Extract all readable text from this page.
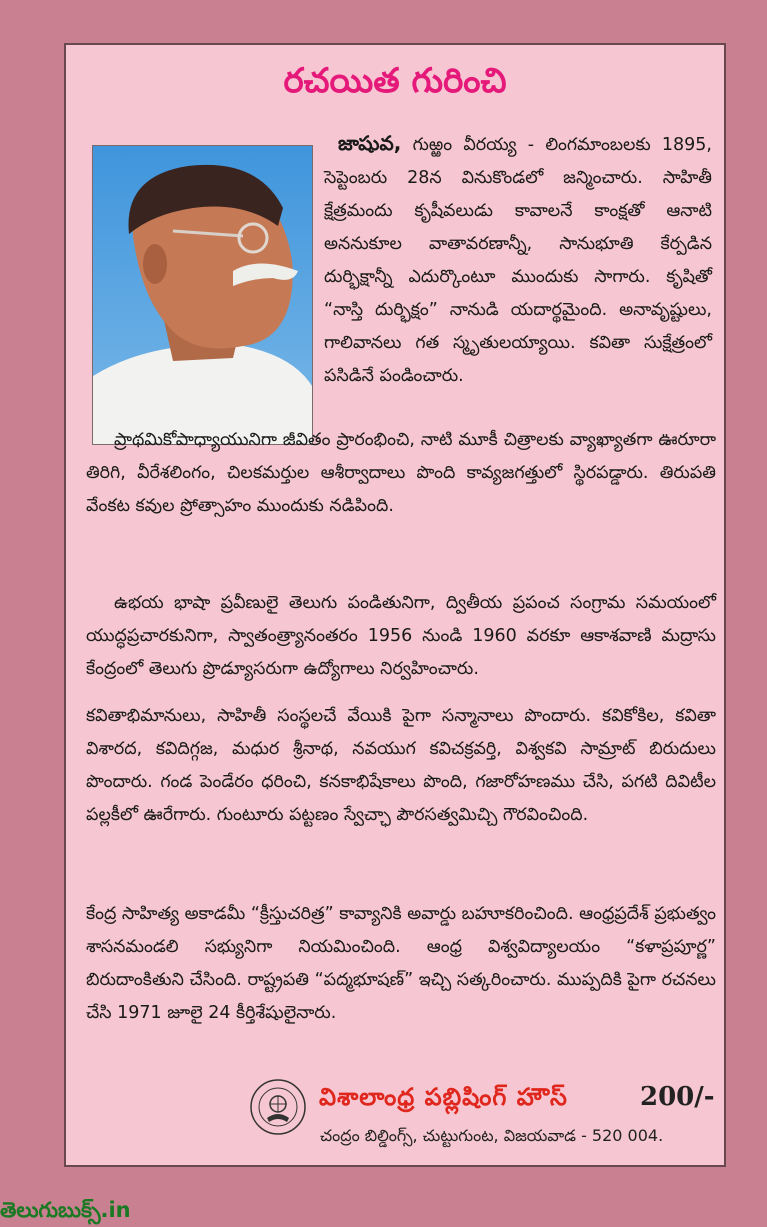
రచయిత గురించి
జాషువ, గుఱ్ఱం వీరయ్య - లింగమాంబలకు 1895, సెప్టెంబరు 28న వినుకొండలో జన్మించారు. సాహితీ క్షేత్రమందు కృషీవలుడు కావాలనే కాంక్షతో ఆనాటి అననుకూల వాతావరణాన్నీ, సానుభూతి కేర్పడిన దుర్భిక్షాన్నీ ఎదుర్కొంటూ ముందుకు సాగారు. కృషితో “నాస్తి దుర్భిక్షం” నానుడి యదార్థమైంది. అనావృష్టులు, గాలివానలు గత స్మృతులయ్యాయి. కవితా సుక్షేత్రంలో పసిడినే పండించారు.
ప్రాథమికోపాధ్యాయునిగా జీవితం ప్రారంభించి, నాటి మూకీ చిత్రాలకు వ్యాఖ్యాతగా ఊరూరా తిరిగి, వీరేశలింగం, చిలకమర్తుల ఆశీర్వాదాలు పొంది కావ్యజగత్తులో స్థిరపడ్డారు. తిరుపతి వేంకట కవుల ప్రోత్సాహం ముందుకు నడిపింది.
ఉభయ భాషా ప్రవీణులై తెలుగు పండితునిగా, ద్వితీయ ప్రపంచ సంగ్రామ సమయంలో యుద్ధప్రచారకునిగా, స్వాతంత్ర్యానంతరం 1956 నుండి 1960 వరకూ ఆకాశవాణి మద్రాసు కేంద్రంలో తెలుగు ప్రొడ్యూసరుగా ఉద్యోగాలు నిర్వహించారు.
కవితాభిమానులు, సాహితీ సంస్థలచే వేయికి పైగా సన్మానాలు పొందారు. కవికోకిల, కవితా విశారద, కవిదిగ్గజ, మధుర శ్రీనాథ, నవయుగ కవిచక్రవర్తి, విశ్వకవి సామ్రాట్ బిరుదులు పొందారు. గండ పెండేరం ధరించి, కనకాభిషేకాలు పొంది, గజారోహణము చేసి, పగటి దివిటీల పల్లకీలో ఊరేగారు. గుంటూరు పట్టణం స్వేచ్ఛా పౌరసత్వమిచ్చి గౌరవించింది.
కేంద్ర సాహిత్య అకాడమీ “క్రీస్తుచరిత్ర” కావ్యానికి అవార్డు బహూకరించింది. ఆంధ్రప్రదేశ్ ప్రభుత్వం శాసనమండలి సభ్యునిగా నియమించింది. ఆంధ్ర విశ్వవిద్యాలయం “కళాప్రపూర్ణ” బిరుదాంకితుని చేసింది. రాష్ట్రపతి “పద్మభూషణ్” ఇచ్చి సత్కరించారు. ముప్పదికి పైగా రచనలు చేసి 1971 జూలై 24 కీర్తిశేషులైనారు.
విశాలాంధ్ర పబ్లిషింగ్ హౌస్	200/-
చంద్రం బిల్డింగ్స్, చుట్టుగుంట, విజయవాడ - 520 004.
తెలుగుబుక్స్.in
